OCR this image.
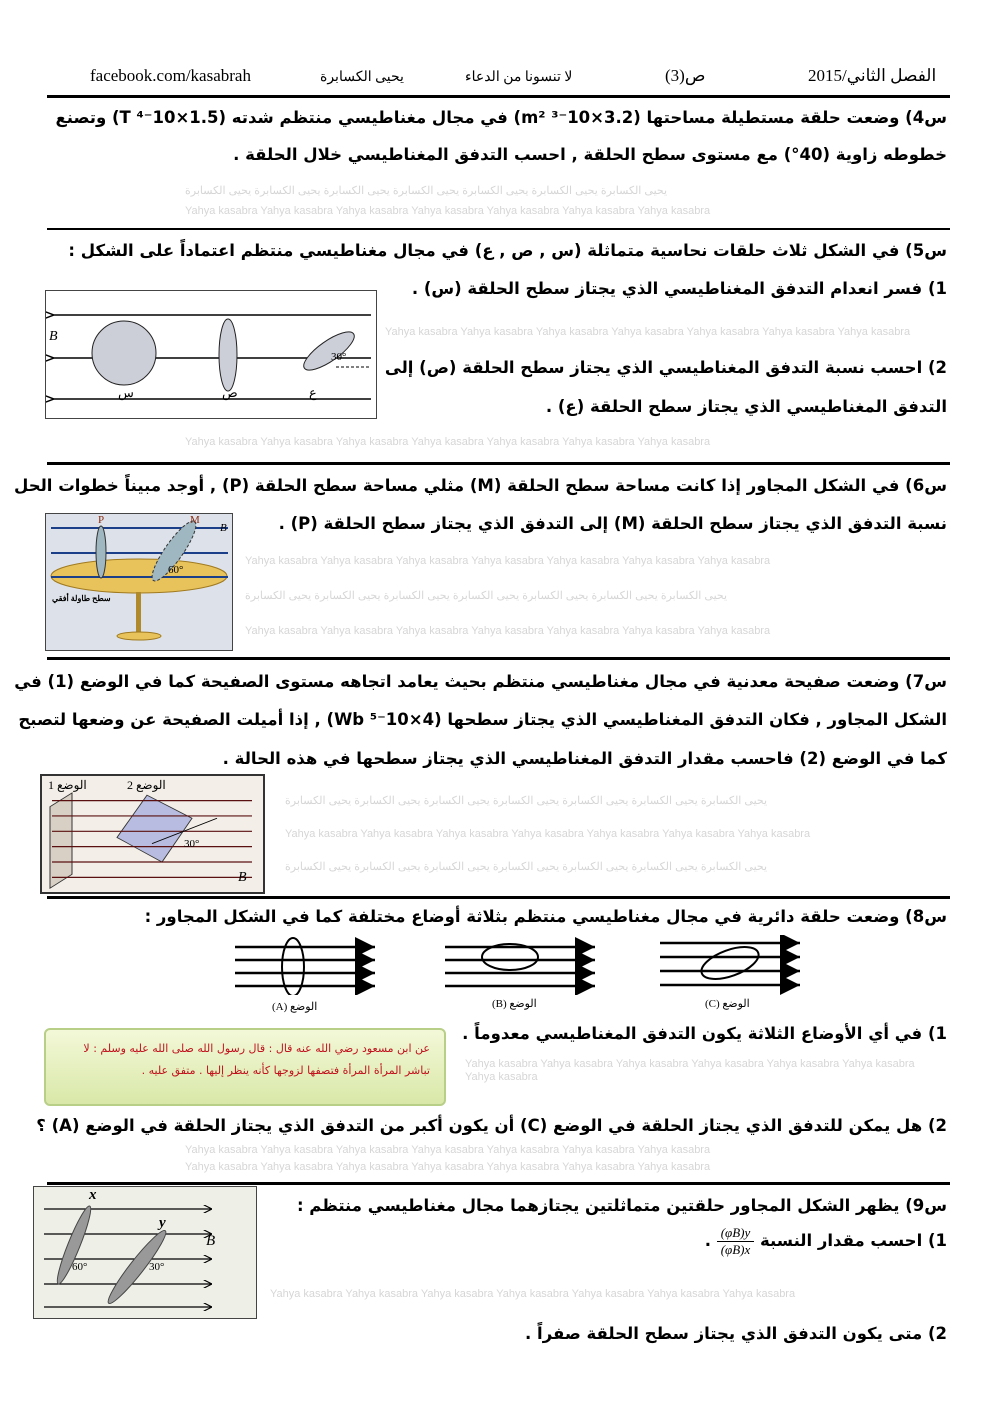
يحيى الكسابرة يحيى الكسابرة يحيى الكسابرة يحيى الكسابرة يحيى الكسابرة يحيى الكسابرة يحيى الكسابرة
Yahya kasabra Yahya kasabra Yahya kasabra Yahya kasabra Yahya kasabra Yahya kasabra Yahya kasabra
Yahya kasabra Yahya kasabra Yahya kasabra Yahya kasabra Yahya kasabra Yahya kasabra Yahya kasabra
Yahya kasabra Yahya kasabra Yahya kasabra Yahya kasabra Yahya kasabra Yahya kasabra Yahya kasabra
Yahya kasabra Yahya kasabra Yahya kasabra Yahya kasabra Yahya kasabra Yahya kasabra Yahya kasabra
يحيى الكسابرة يحيى الكسابرة يحيى الكسابرة يحيى الكسابرة يحيى الكسابرة يحيى الكسابرة يحيى الكسابرة
Yahya kasabra Yahya kasabra Yahya kasabra Yahya kasabra Yahya kasabra Yahya kasabra Yahya kasabra
يحيى الكسابرة يحيى الكسابرة يحيى الكسابرة يحيى الكسابرة يحيى الكسابرة يحيى الكسابرة يحيى الكسابرة
Yahya kasabra Yahya kasabra Yahya kasabra Yahya kasabra Yahya kasabra Yahya kasabra Yahya kasabra
يحيى الكسابرة يحيى الكسابرة يحيى الكسابرة يحيى الكسابرة يحيى الكسابرة يحيى الكسابرة يحيى الكسابرة
Yahya kasabra Yahya kasabra Yahya kasabra Yahya kasabra Yahya kasabra Yahya kasabra Yahya kasabra
Yahya kasabra Yahya kasabra Yahya kasabra Yahya kasabra Yahya kasabra Yahya kasabra Yahya kasabra
Yahya kasabra Yahya kasabra Yahya kasabra Yahya kasabra Yahya kasabra Yahya kasabra Yahya kasabra
Yahya kasabra Yahya kasabra Yahya kasabra Yahya kasabra Yahya kasabra Yahya kasabra Yahya kasabra
facebook.com/kasabrah	يحيى الكسابرة	لا تنسونا من الدعاء	ص(3)	الفصل الثاني/2015
س4) وضعت حلقة مستطيلة مساحتها (3.2×10⁻³ m²) في مجال مغناطيسي منتظم شدته (1.5×10⁻⁴ T) وتصنع
خطوطه زاوية (40°) مع مستوى سطح الحلقة , احسب التدفق المغناطيسي خلال الحلقة .
س5) في الشكل ثلاث حلقات نحاسية متماثلة (س , ص , ع) في مجال مغناطيسي منتظم اعتماداً على الشكل :
1) فسر انعدام التدفق المغناطيسي الذي يجتاز سطح الحلقة (س) .
2) احسب نسبة التدفق المغناطيسي الذي يجتاز سطح الحلقة (ص) إلى
التدفق المغناطيسي الذي يجتاز سطح الحلقة (ع) .
B
30°
س	ص	ع
س6) في الشكل المجاور إذا كانت مساحة سطح الحلقة (M) مثلي مساحة سطح الحلقة (P) , أوجد مبيناً خطوات الحل
نسبة التدفق الذي يجتاز سطح الحلقة (M) إلى التدفق الذي يجتاز سطح الحلقة (P) .
P	M
B
60°
سطح طاولة أفقي
س7) وضعت صفيحة معدنية في مجال مغناطيسي منتظم بحيث يعامد اتجاهه مستوى الصفيحة كما في الوضع (1) في
الشكل المجاور , فكان التدفق المغناطيسي الذي يجتاز سطحها (4×10⁻⁵ Wb) , إذا أميلت الصفيحة عن وضعها لتصبح
كما في الوضع (2) فاحسب مقدار التدفق المغناطيسي الذي يجتاز سطحها في هذه الحالة .
الوضع 1	الوضع 2
30°
B
س8) وضعت حلقة دائرية في مجال مغناطيسي منتظم بثلاثة أوضاع مختلفة كما في الشكل المجاور :
الوضع (A)	الوضع (B)	الوضع (C)
1) في أي الأوضاع الثلاثة يكون التدفق المغناطيسي معدوماً .
عن ابن مسعود رضي الله عنه قال : قال رسول الله صلى الله عليه وسلم : لا
تباشر المرأة المرأة فتصفها لزوجها كأنه ينظر إليها . متفق عليه .
2) هل يمكن للتدفق الذي يجتاز الحلقة في الوضع (C) أن يكون أكبر من التدفق الذي يجتاز الحلقة في الوضع (A) ؟
س9) يظهر الشكل المجاور حلقتين متماثلتين يجتازهما مجال مغناطيسي منتظم :
1) احسب مقدار النسبة
$\frac{(\varphi B)y}{(\varphi B)x}$
.
x
y
60°	30°
B
2) متى يكون التدفق الذي يجتاز سطح الحلقة صفراً .
